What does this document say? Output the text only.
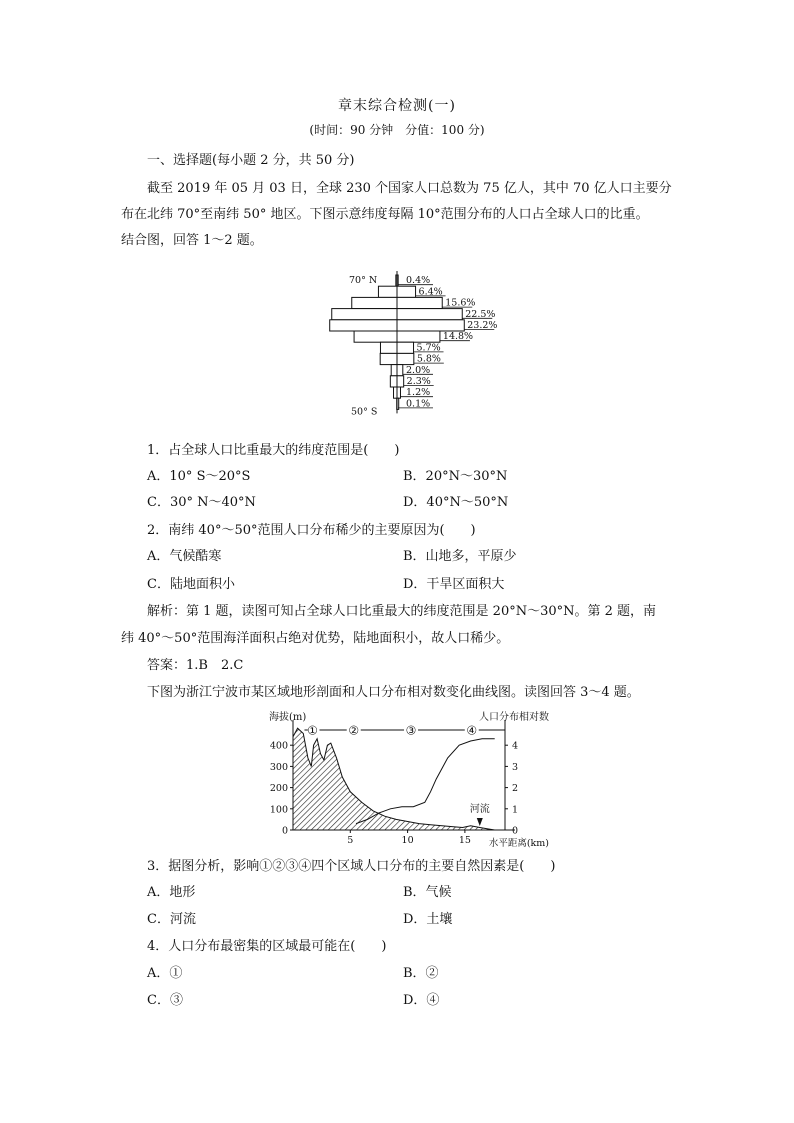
章末综合检测(一)
(时间：90 分钟　分值：100 分)
一、选择题(每小题 2 分，共 50 分)
截至 2019 年 05 月 03 日，全球 230 个国家人口总数为 75 亿人，其中 70 亿人口主要分
布在北纬 70°至南纬 50° 地区。下图示意纬度每隔 10°范围分布的人口占全球人口的比重。
结合图，回答 1～2 题。
0.4%
6.4%
15.6%
22.5%
23.2%
14.8%
5.7%
5.8%
2.0%
2.3%
1.2%
0.1%
70° N
50° S
1．占全球人口比重最大的纬度范围是(　　)
A．10° S～20°S	B．20°N～30°N
C．30° N～40°N	D．40°N～50°N
2．南纬 40°～50°范围人口分布稀少的主要原因为(　　)
A．气候酷寒	B．山地多，平原少
C．陆地面积小	D．干旱区面积大
解析：第 1 题，读图可知占全球人口比重最大的纬度范围是 20°N～30°N。第 2 题，南
纬 40°～50°范围海洋面积占绝对优势，陆地面积小，故人口稀少。
答案：1.B　2.C
下图为浙江宁波市某区域地形剖面和人口分布相对数变化曲线图。读图回答 3～4 题。
0
100
200
300
400
0
1
2
3
4
5	10	15
海拔(m)	人口分布相对数
水平距离(km)
①	②	③	④
河流
3．据图分析，影响①②③④四个区域人口分布的主要自然因素是(　　)
A．地形	B．气候
C．河流	D．土壤
4．人口分布最密集的区域最可能在(　　)
A．①	B．②
C．③	D．④
